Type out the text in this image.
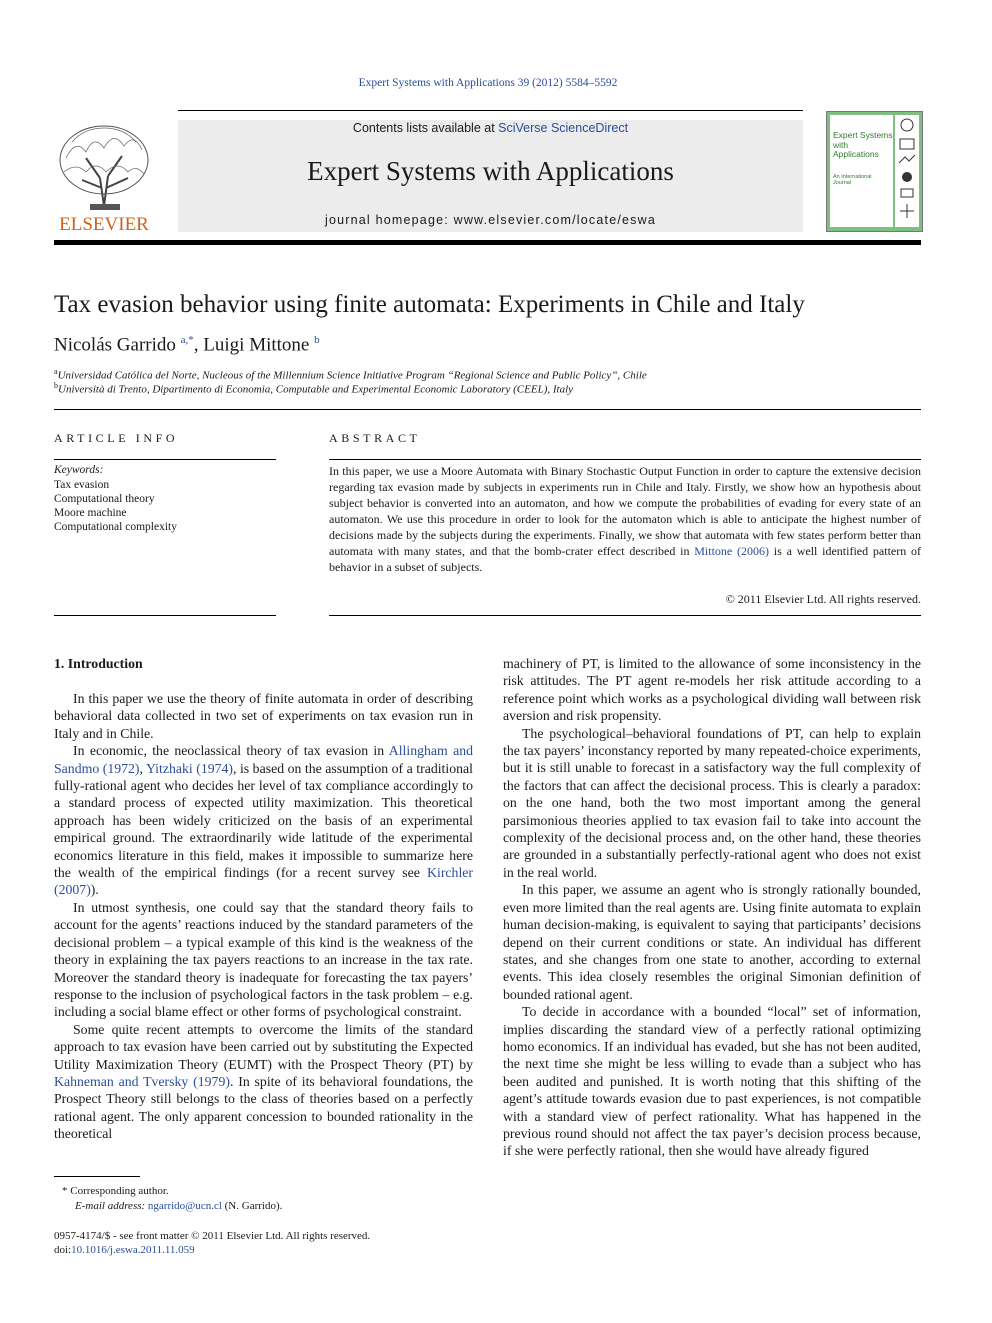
Expert Systems with Applications 39 (2012) 5584–5592
ELSEVIER
Contents lists available at SciVerse ScienceDirect
Expert Systems with Applications
journal homepage: www.elsevier.com/locate/eswa
Expert Systems with Applications
An International Journal
Tax evasion behavior using finite automata: Experiments in Chile and Italy
Nicolás Garrido $^{a,*}$, Luigi Mittone $^b$
$^a$Universidad Católica del Norte, Nucleous of the Millennium Science Initiative Program “Regional Science and Public Policy”, Chile
$^b$Università di Trento, Dipartimento di Economia, Computable and Experimental Economic Laboratory (CEEL), Italy
ARTICLE INFO
Keywords:
Tax evasion
Computational theory
Moore machine
Computational complexity
ABSTRACT
In this paper, we use a Moore Automata with Binary Stochastic Output Function in order to capture the extensive decision regarding tax evasion made by subjects in experiments run in Chile and Italy. Firstly, we show how an hypothesis about subject behavior is converted into an automaton, and how we compute the probabilities of evading for every state of an automaton. We use this procedure in order to look for the automaton which is able to anticipate the highest number of decisions made by the subjects during the experiments. Finally, we show that automata with few states perform better than automata with many states, and that the bomb-crater effect described in Mittone (2006) is a well identified pattern of behavior in a subset of subjects.
© 2011 Elsevier Ltd. All rights reserved.
1. Introduction

In this paper we use the theory of finite automata in order of describing behavioral data collected in two set of experiments on tax evasion run in Italy and in Chile.

In economic, the neoclassical theory of tax evasion in Allingham and Sandmo (1972), Yitzhaki (1974), is based on the assumption of a traditional fully-rational agent who decides her level of tax compliance accordingly to a standard process of expected utility maximization. This theoretical approach has been widely criticized on the basis of an experimental empirical ground. The extraordinarily wide latitude of the experimental economics literature in this field, makes it impossible to summarize here the wealth of the empirical findings (for a recent survey see Kirchler (2007)).

In utmost synthesis, one could say that the standard theory fails to account for the agents’ reactions induced by the standard parameters of the decisional problem – a typical example of this kind is the weakness of the theory in explaining the tax payers reactions to an increase in the tax rate. Moreover the standard theory is inadequate for forecasting the tax payers’ response to the inclusion of psychological factors in the task problem – e.g. including a social blame effect or other forms of psychological constraint.

Some quite recent attempts to overcome the limits of the standard approach to tax evasion have been carried out by substituting the Expected Utility Maximization Theory (EUMT) with the Prospect Theory (PT) by Kahneman and Tversky (1979). In spite of its behavioral foundations, the Prospect Theory still belongs to the class of theories based on a perfectly rational agent. The only apparent concession to bounded rationality in the theoretical

machinery of PT, is limited to the allowance of some inconsistency in the risk attitudes. The PT agent re-models her risk attitude according to a reference point which works as a psychological dividing wall between risk aversion and risk propensity.

The psychological–behavioral foundations of PT, can help to explain the tax payers’ inconstancy reported by many repeated-choice experiments, but it is still unable to forecast in a satisfactory way the full complexity of the factors that can affect the decisional process. This is clearly a paradox: on the one hand, both the two most important among the general parsimonious theories applied to tax evasion fail to take into account the complexity of the decisional process and, on the other hand, these theories are grounded in a substantially perfectly-rational agent who does not exist in the real world.

In this paper, we assume an agent who is strongly rationally bounded, even more limited than the real agents are. Using finite automata to explain human decision-making, is equivalent to saying that participants’ decisions depend on their current conditions or state. An individual has different states, and she changes from one state to another, according to external events. This idea closely resembles the original Simonian definition of bounded rational agent.

To decide in accordance with a bounded “local” set of information, implies discarding the standard view of a perfectly rational optimizing homo economics. If an individual has evaded, but she has not been audited, the next time she might be less willing to evade than a subject who has been audited and punished. It is worth noting that this shifting of the agent’s attitude towards evasion due to past experiences, is not compatible with a standard view of perfect rationality. What has happened in the previous round should not affect the tax payer’s decision process because, if she were perfectly rational, then she would have already figured

* Corresponding author.
E-mail address: ngarrido@ucn.cl (N. Garrido).
0957-4174/$ - see front matter © 2011 Elsevier Ltd. All rights reserved.
doi:10.1016/j.eswa.2011.11.059
